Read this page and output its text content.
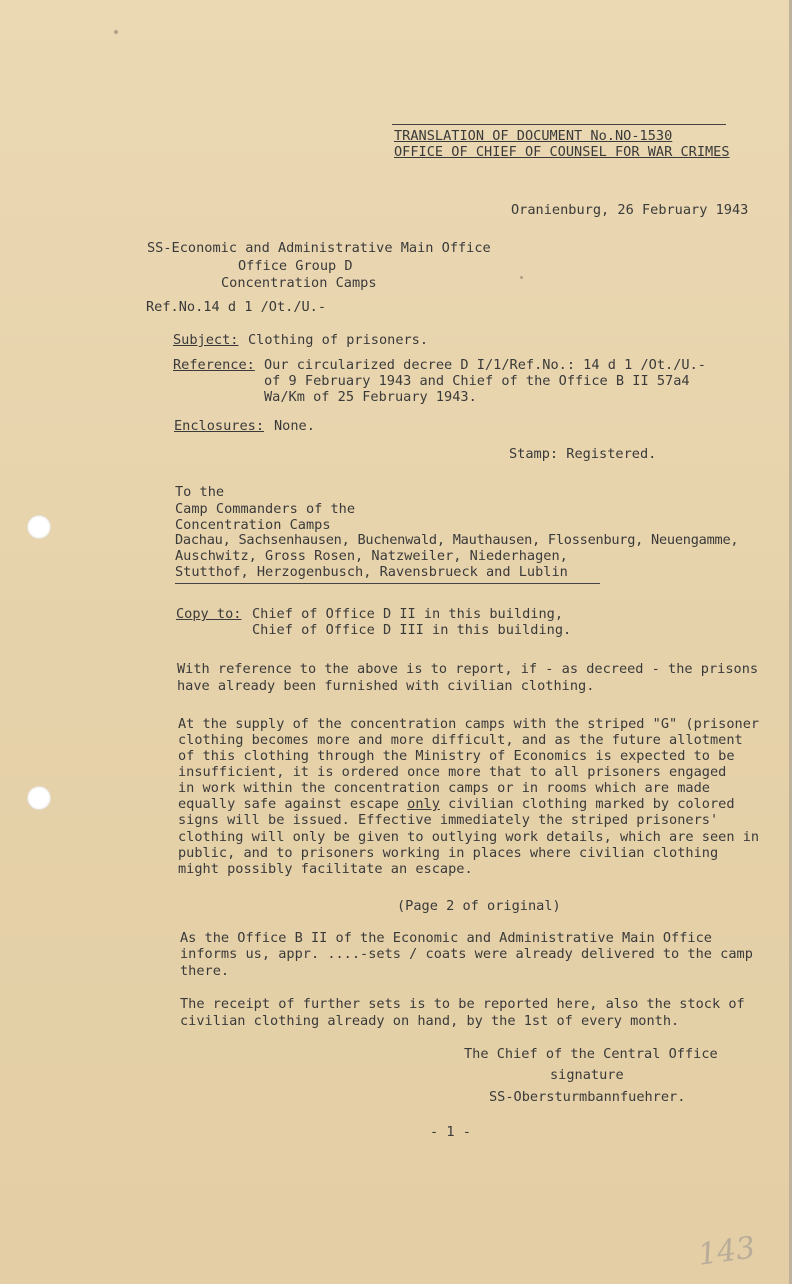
TRANSLATION OF DOCUMENT No.NO-1530
OFFICE OF CHIEF OF COUNSEL FOR WAR CRIMES
Oranienburg, 26 February 1943
SS-Economic and Administrative Main Office
Office Group D
Concentration Camps
Ref.No.14 d 1 /Ot./U.-
Subject: Clothing of prisoners.
Reference: Our circularized decree D I/1/Ref.No.: 14 d 1 /Ot./U.-
of 9 February 1943 and Chief of the Office B II 57a4
Wa/Km of 25 February 1943.
Enclosures: None.
Stamp: Registered.
To the
Camp Commanders of the
Concentration Camps
Dachau, Sachsenhausen, Buchenwald, Mauthausen, Flossenburg, Neuengamme,
Auschwitz, Gross Rosen, Natzweiler, Niederhagen,
Stutthof, Herzogenbusch, Ravensbrueck and Lublin
Copy to: Chief of Office D II in this building,
Chief of Office D III in this building.
With reference to the above is to report, if - as decreed - the prisons
have already been furnished with civilian clothing.
At the supply of the concentration camps with the striped "G" (prisoner
clothing becomes more and more difficult, and as the future allotment
of this clothing through the Ministry of Economics is expected to be
insufficient, it is ordered once more that to all prisoners engaged
in work within the concentration camps or in rooms which are made
equally safe against escape only civilian clothing marked by colored
signs will be issued. Effective immediately the striped prisoners'
clothing will only be given to outlying work details, which are seen in
public, and to prisoners working in places where civilian clothing
might possibly facilitate an escape.
(Page 2 of original)
As the Office B II of the Economic and Administrative Main Office
informs us, appr. ....-sets / coats were already delivered to the camp
there.
The receipt of further sets is to be reported here, also the stock of
civilian clothing already on hand, by the 1st of every month.
The Chief of the Central Office
signature
SS-Obersturmbannfuehrer.
- 1 -
143
